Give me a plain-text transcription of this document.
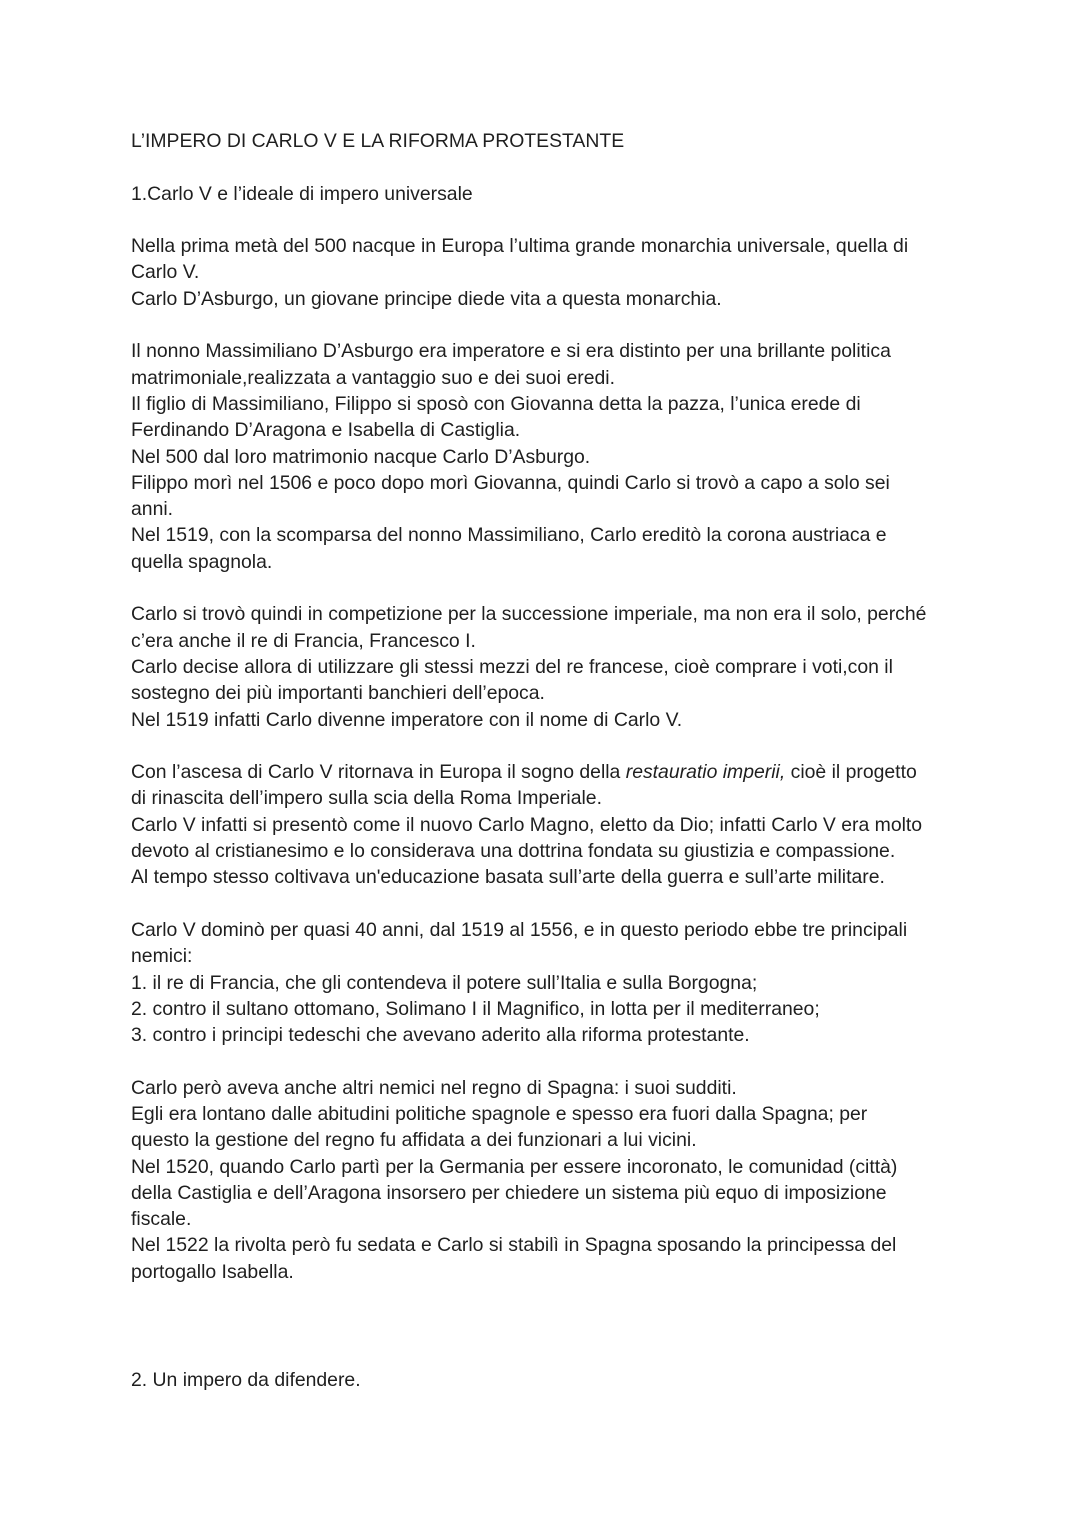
L’IMPERO DI CARLO V E LA RIFORMA PROTESTANTE

1.Carlo V e l’ideale di impero universale

Nella prima metà del 500 nacque in Europa l’ultima grande monarchia universale, quella di
Carlo V.
Carlo D’Asburgo, un giovane principe diede vita a questa monarchia.

Il nonno Massimiliano D’Asburgo era imperatore e si era distinto per una brillante politica
matrimoniale,realizzata a vantaggio suo e dei suoi eredi.
Il figlio di Massimiliano, Filippo si sposò con Giovanna detta la pazza, l’unica erede di
Ferdinando D’Aragona e Isabella di Castiglia.
Nel 500 dal loro matrimonio nacque Carlo D’Asburgo.
Filippo morì nel 1506 e poco dopo morì Giovanna, quindi Carlo si trovò a capo a solo sei
anni.
Nel 1519, con la scomparsa del nonno Massimiliano, Carlo ereditò la corona austriaca e
quella spagnola.

Carlo si trovò quindi in competizione per la successione imperiale, ma non era il solo, perché
c’era anche il re di Francia, Francesco I.
Carlo decise allora di utilizzare gli stessi mezzi del re francese, cioè comprare i voti,con il
sostegno dei più importanti banchieri dell’epoca.
Nel 1519 infatti Carlo divenne imperatore con il nome di Carlo V.

Con l’ascesa di Carlo V ritornava in Europa il sogno della restauratio imperii, cioè il progetto
di rinascita dell’impero sulla scia della Roma Imperiale.
Carlo V infatti si presentò come il nuovo Carlo Magno, eletto da Dio; infatti Carlo V era molto
devoto al cristianesimo e lo considerava una dottrina fondata su giustizia e compassione.
Al tempo stesso coltivava un'educazione basata sull’arte della guerra e sull’arte militare.

Carlo V dominò per quasi 40 anni, dal 1519 al 1556, e in questo periodo ebbe tre principali
nemici:
1. il re di Francia, che gli contendeva il potere sull’Italia e sulla Borgogna;
2. contro il sultano ottomano, Solimano I il Magnifico, in lotta per il mediterraneo;
3. contro i principi tedeschi che avevano aderito alla riforma protestante.

Carlo però aveva anche altri nemici nel regno di Spagna: i suoi sudditi.
Egli era lontano dalle abitudini politiche spagnole e spesso era fuori dalla Spagna; per
questo la gestione del regno fu affidata a dei funzionari a lui vicini.
Nel 1520, quando Carlo partì per la Germania per essere incoronato, le comunidad (città)
della Castiglia e dell’Aragona insorsero per chiedere un sistema più equo di imposizione
fiscale.
Nel 1522 la rivolta però fu sedata e Carlo si stabilì in Spagna sposando la principessa del
portogallo Isabella.

2. Un impero da difendere.
